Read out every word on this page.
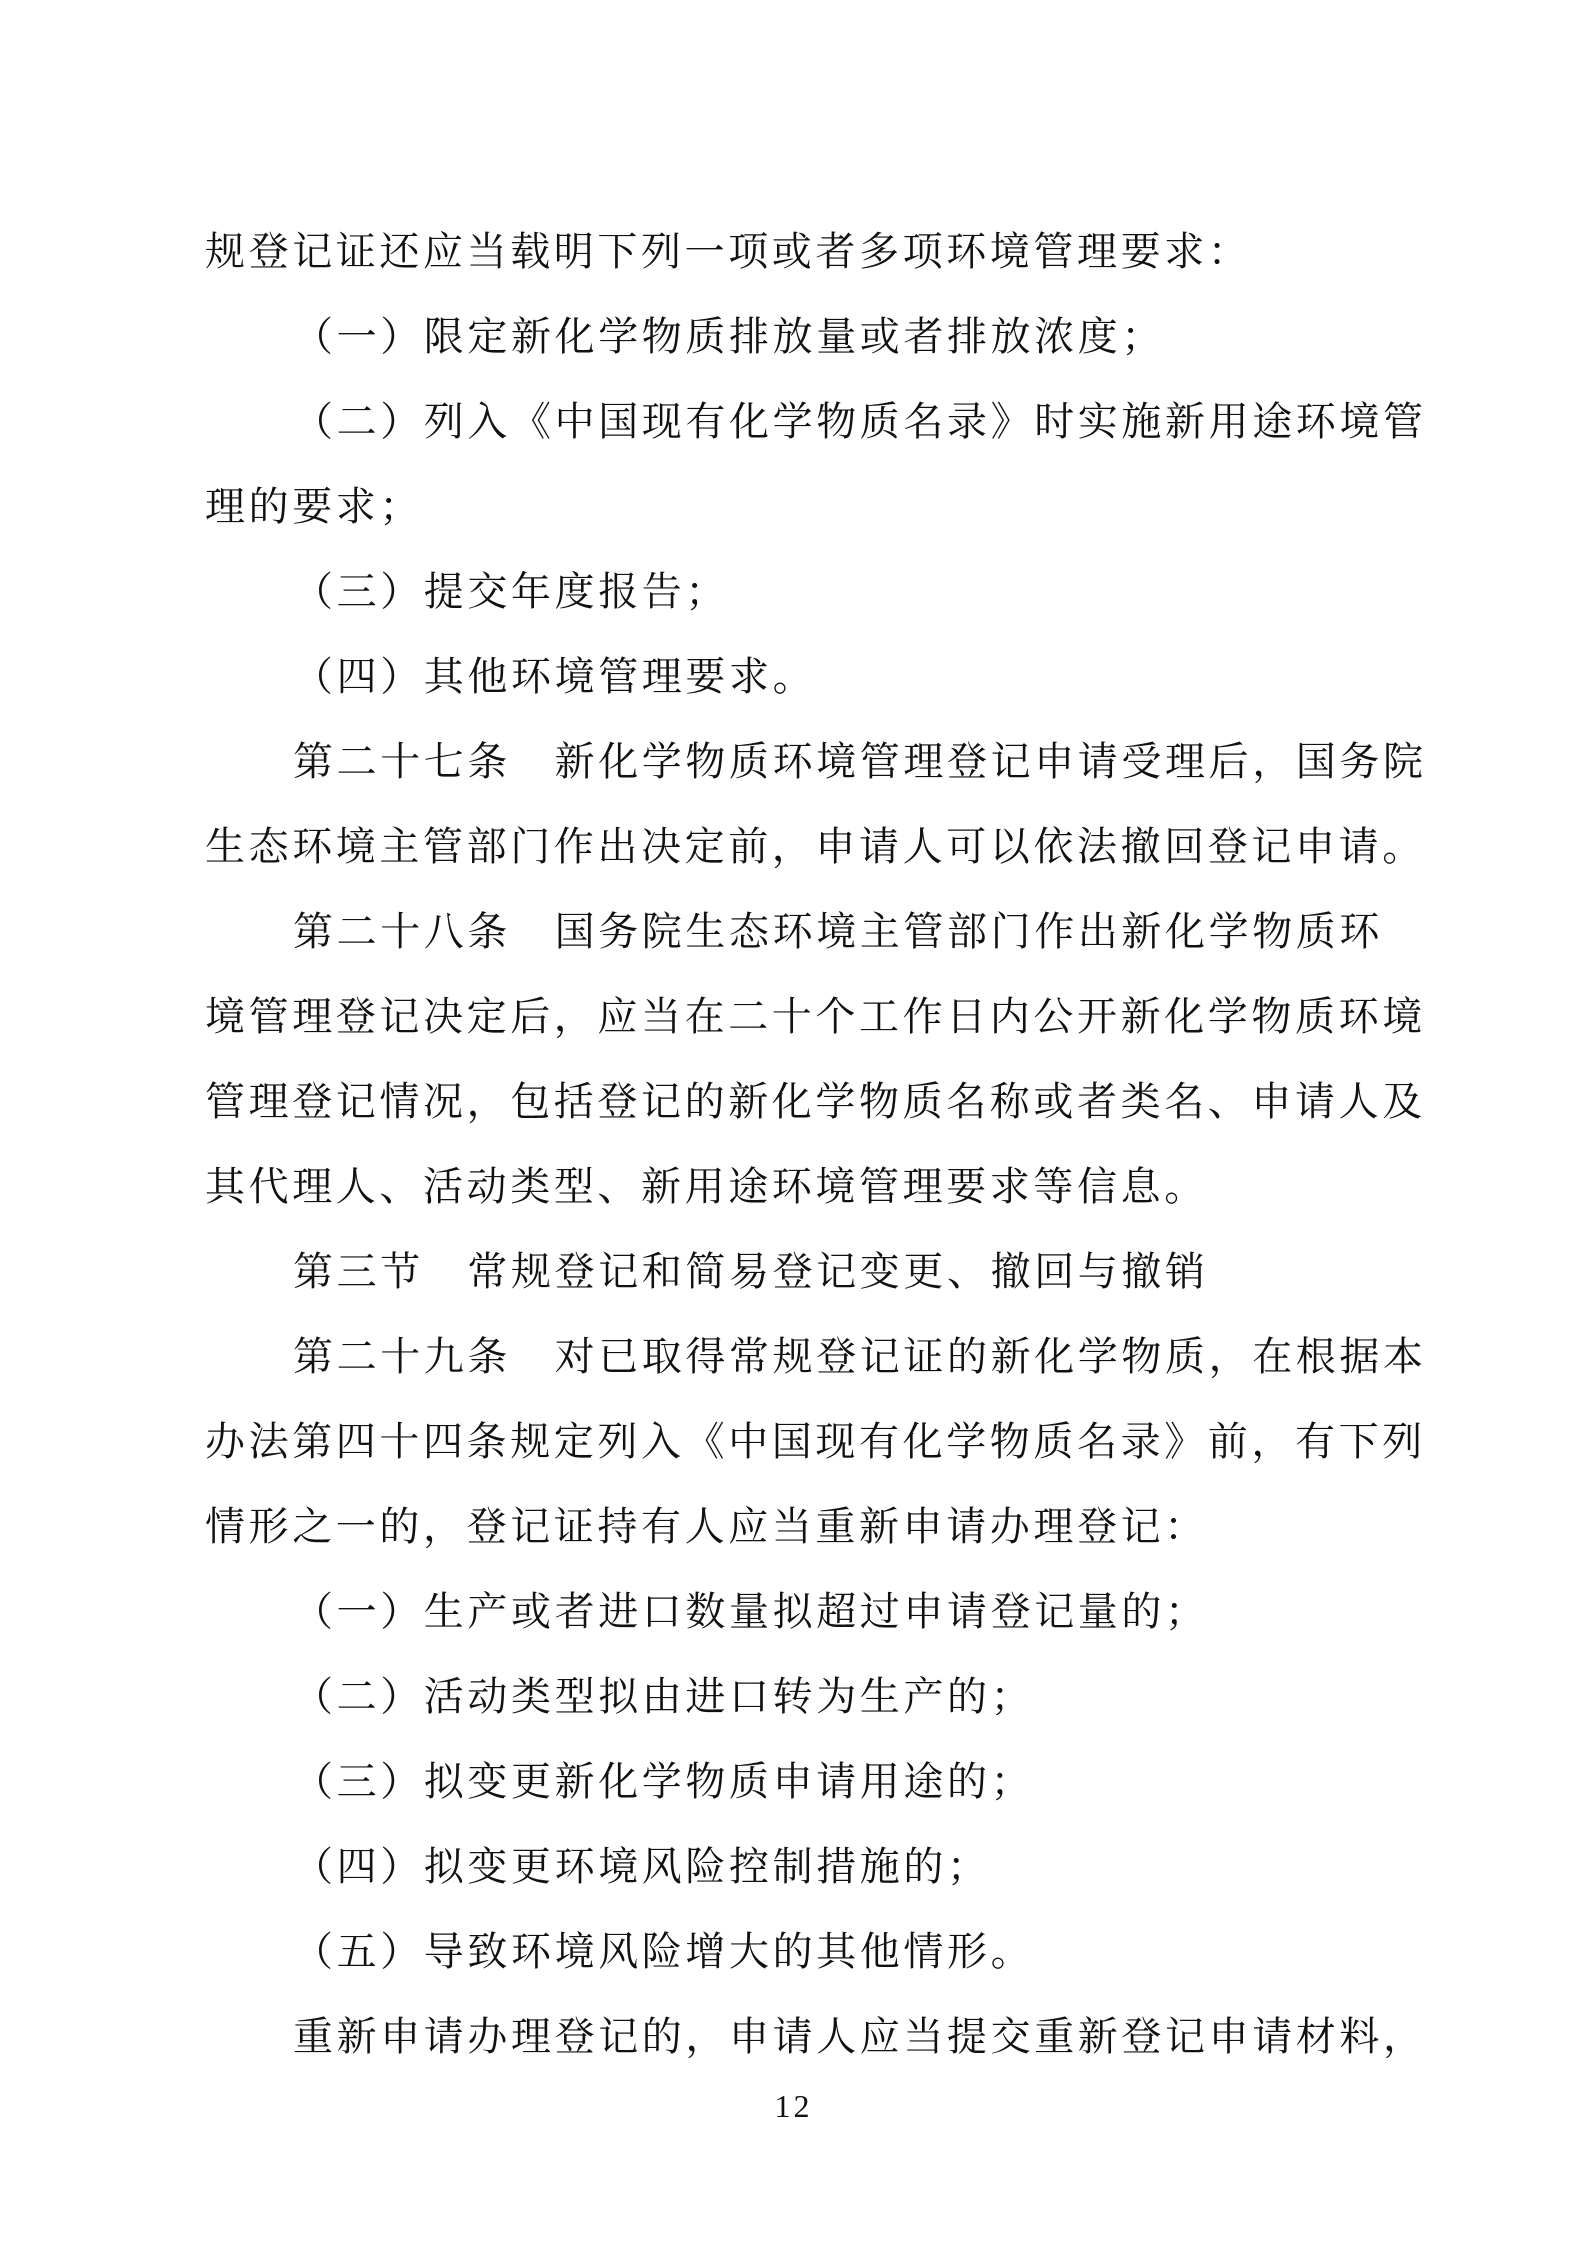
规登记证还应当载明下列一项或者多项环境管理要求：
（一）限定新化学物质排放量或者排放浓度；
（二）列入《中国现有化学物质名录》时实施新用途环境管
理的要求；
（三）提交年度报告；
（四）其他环境管理要求。
第二十七条　新化学物质环境管理登记申请受理后，国务院
生态环境主管部门作出决定前，申请人可以依法撤回登记申请。
第二十八条　国务院生态环境主管部门作出新化学物质环
境管理登记决定后，应当在二十个工作日内公开新化学物质环境
管理登记情况，包括登记的新化学物质名称或者类名、申请人及
其代理人、活动类型、新用途环境管理要求等信息。
第三节　常规登记和简易登记变更、撤回与撤销
第二十九条　对已取得常规登记证的新化学物质，在根据本
办法第四十四条规定列入《中国现有化学物质名录》前，有下列
情形之一的，登记证持有人应当重新申请办理登记：
（一）生产或者进口数量拟超过申请登记量的；
（二）活动类型拟由进口转为生产的；
（三）拟变更新化学物质申请用途的；
（四）拟变更环境风险控制措施的；
（五）导致环境风险增大的其他情形。
重新申请办理登记的，申请人应当提交重新登记申请材料，
12
